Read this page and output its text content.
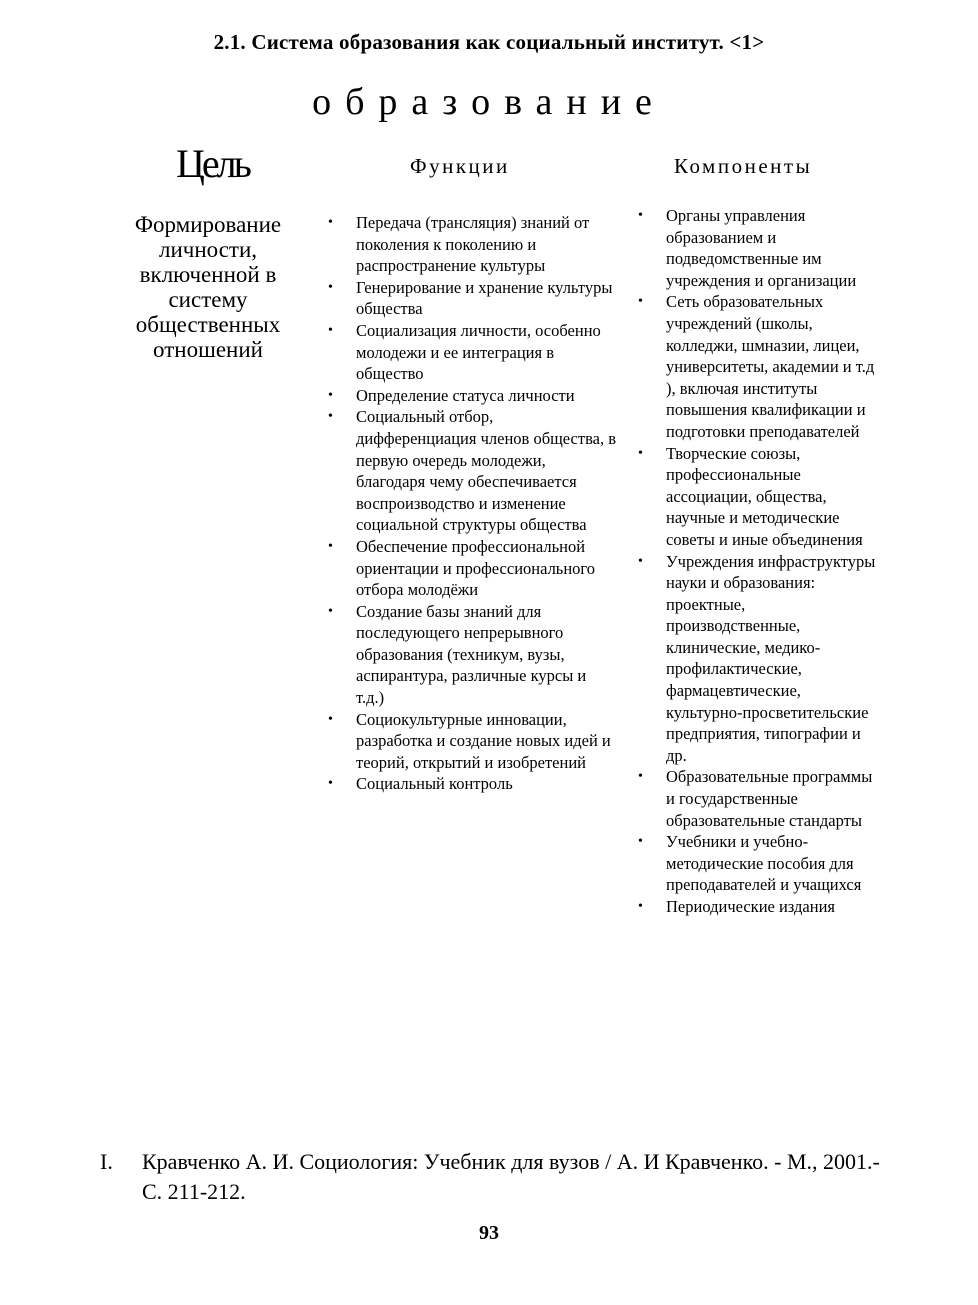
2.1. Система образования как социальный институт. <1>
образование
Цель	Функции	Компоненты
Формирование личности, включенной в систему общественных отношений
• Передача (трансляция) знаний от поколения к поколению и распространение культуры
• Генерирование и хранение культуры общества
• Социализация личности, особенно молодежи и ее интеграция в общество
• Определение статуса личности
• Социальный отбор, дифференциация членов общества, в первую очередь молодежи, благодаря чему обеспечивается воспроизводство и изменение социальной структуры общества
• Обеспечение профессиональной ориентации и профессионального отбора молодёжи
• Создание базы знаний для последующего непрерывного образования (техникум, вузы, аспирантура, различные курсы и т.д.)
• Социокультурные инновации, разработка и создание новых идей и теорий, открытий и изобретений
• Социальный контроль
• Органы управления образованием и подведомственные им учреждения и организации
• Сеть образовательных учреждений (школы, колледжи, шмназии, лицеи, университеты, академии и т.д ), включая институты повышения квалификации и подготовки преподавателей
• Творческие союзы, профессиональные ассоциации, общества, научные и методические советы и иные объединения
• Учреждения инфраструктуры науки и образования: проектные, производственные, клинические, медико-профилактические, фармацевтические, культурно-просветительские предприятия, типографии и др.
• Образовательные программы и государственные образовательные стандарты
• Учебники и учебно-методические пособия для преподавателей и учащихся
• Периодические издания
I. Кравченко А. И. Социология: Учебник для вузов / А. И Кравченко. - М., 2001.- С. 211-212.
93
